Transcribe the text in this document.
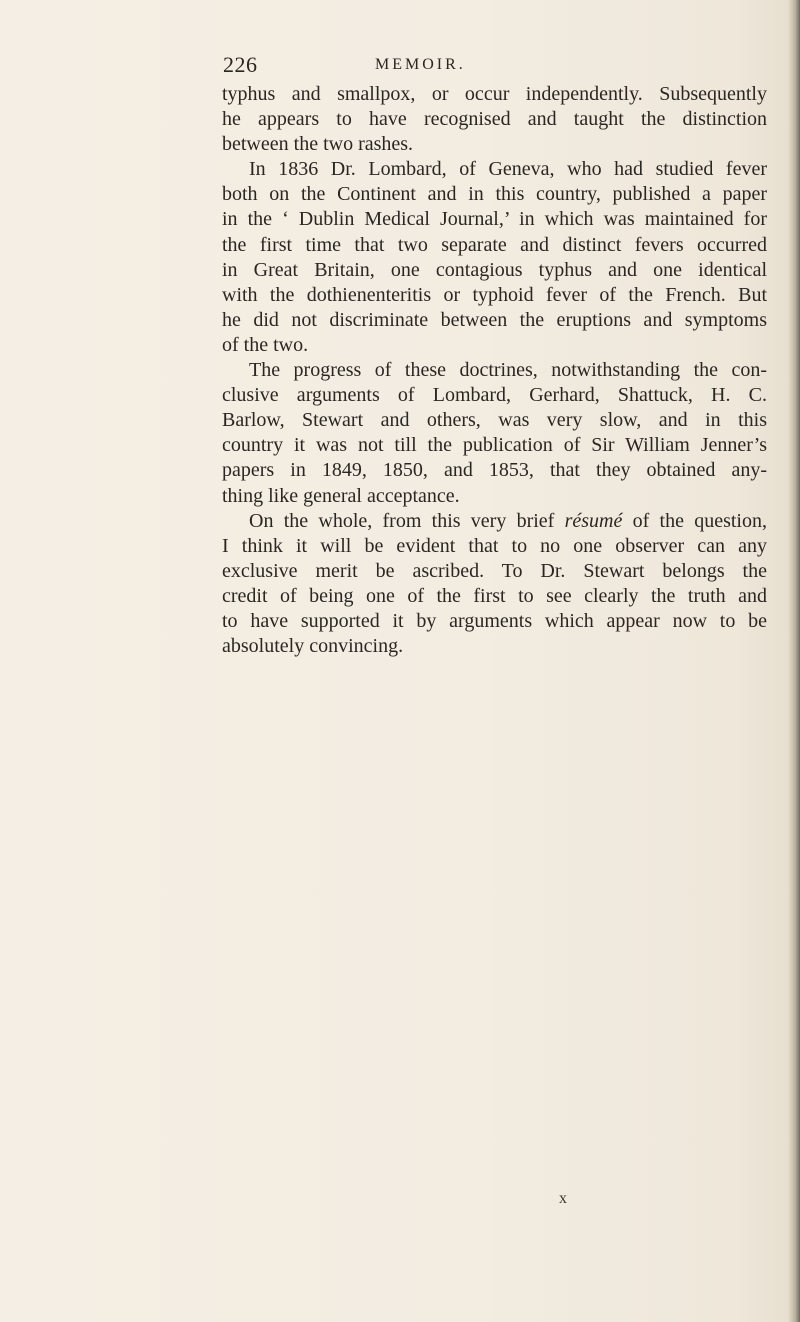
226	MEMOIR.
typhus and smallpox, or occur independently. Subsequently
he appears to have recognised and taught the distinction
between the two rashes.
In 1836 Dr. Lombard, of Geneva, who had studied fever
both on the Continent and in this country, published a paper
in the ‘ Dublin Medical Journal,’ in which was maintained for
the first time that two separate and distinct fevers occurred
in Great Britain, one contagious typhus and one identical
with the dothienenteritis or typhoid fever of the French. But
he did not discriminate between the eruptions and symptoms
of the two.
The progress of these doctrines, notwithstanding the con-
clusive arguments of Lombard, Gerhard, Shattuck, H. C.
Barlow, Stewart and others, was very slow, and in this
country it was not till the publication of Sir William Jenner’s
papers in 1849, 1850, and 1853, that they obtained any-
thing like general acceptance.
On the whole, from this very brief résumé of the question,
I think it will be evident that to no one observer can any
exclusive merit be ascribed. To Dr. Stewart belongs the
credit of being one of the first to see clearly the truth and
to have supported it by arguments which appear now to be
absolutely convincing.
x
